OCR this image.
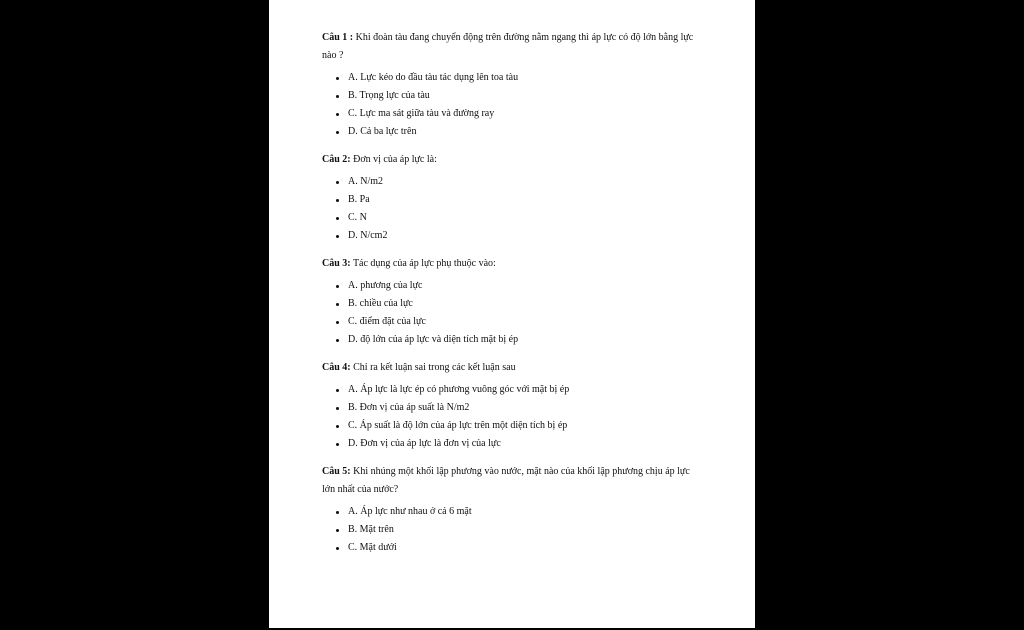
Câu 1 : Khi đoàn tàu đang chuyển động trên đường nằm ngang thì áp lực có độ lớn bằng lực nào ?

A. Lực kéo do đầu tàu tác dụng lên toa tàu
B. Trọng lực của tàu
C. Lực ma sát giữa tàu và đường ray
D. Cả ba lực trên

Câu 2: Đơn vị của áp lực là:

A. N/m2
B. Pa
C. N
D. N/cm2

Câu 3: Tác dụng của áp lực phụ thuộc vào:

A. phương của lực
B. chiều của lực
C. điểm đặt của lực
D. độ lớn của áp lực và diện tích mặt bị ép

Câu 4: Chỉ ra kết luận sai trong các kết luận sau

A. Áp lực là lực ép có phương vuông góc với mặt bị ép
B. Đơn vị của áp suất là N/m2
C. Áp suất là độ lớn của áp lực trên một diện tích bị ép
D. Đơn vị của áp lực là đơn vị của lực

Câu 5: Khi nhúng một khối lập phương vào nước, mặt nào của khối lập phương chịu áp lực lớn nhất của nước?

A. Áp lực như nhau ở cả 6 mặt
B. Mặt trên
C. Mặt dưới
